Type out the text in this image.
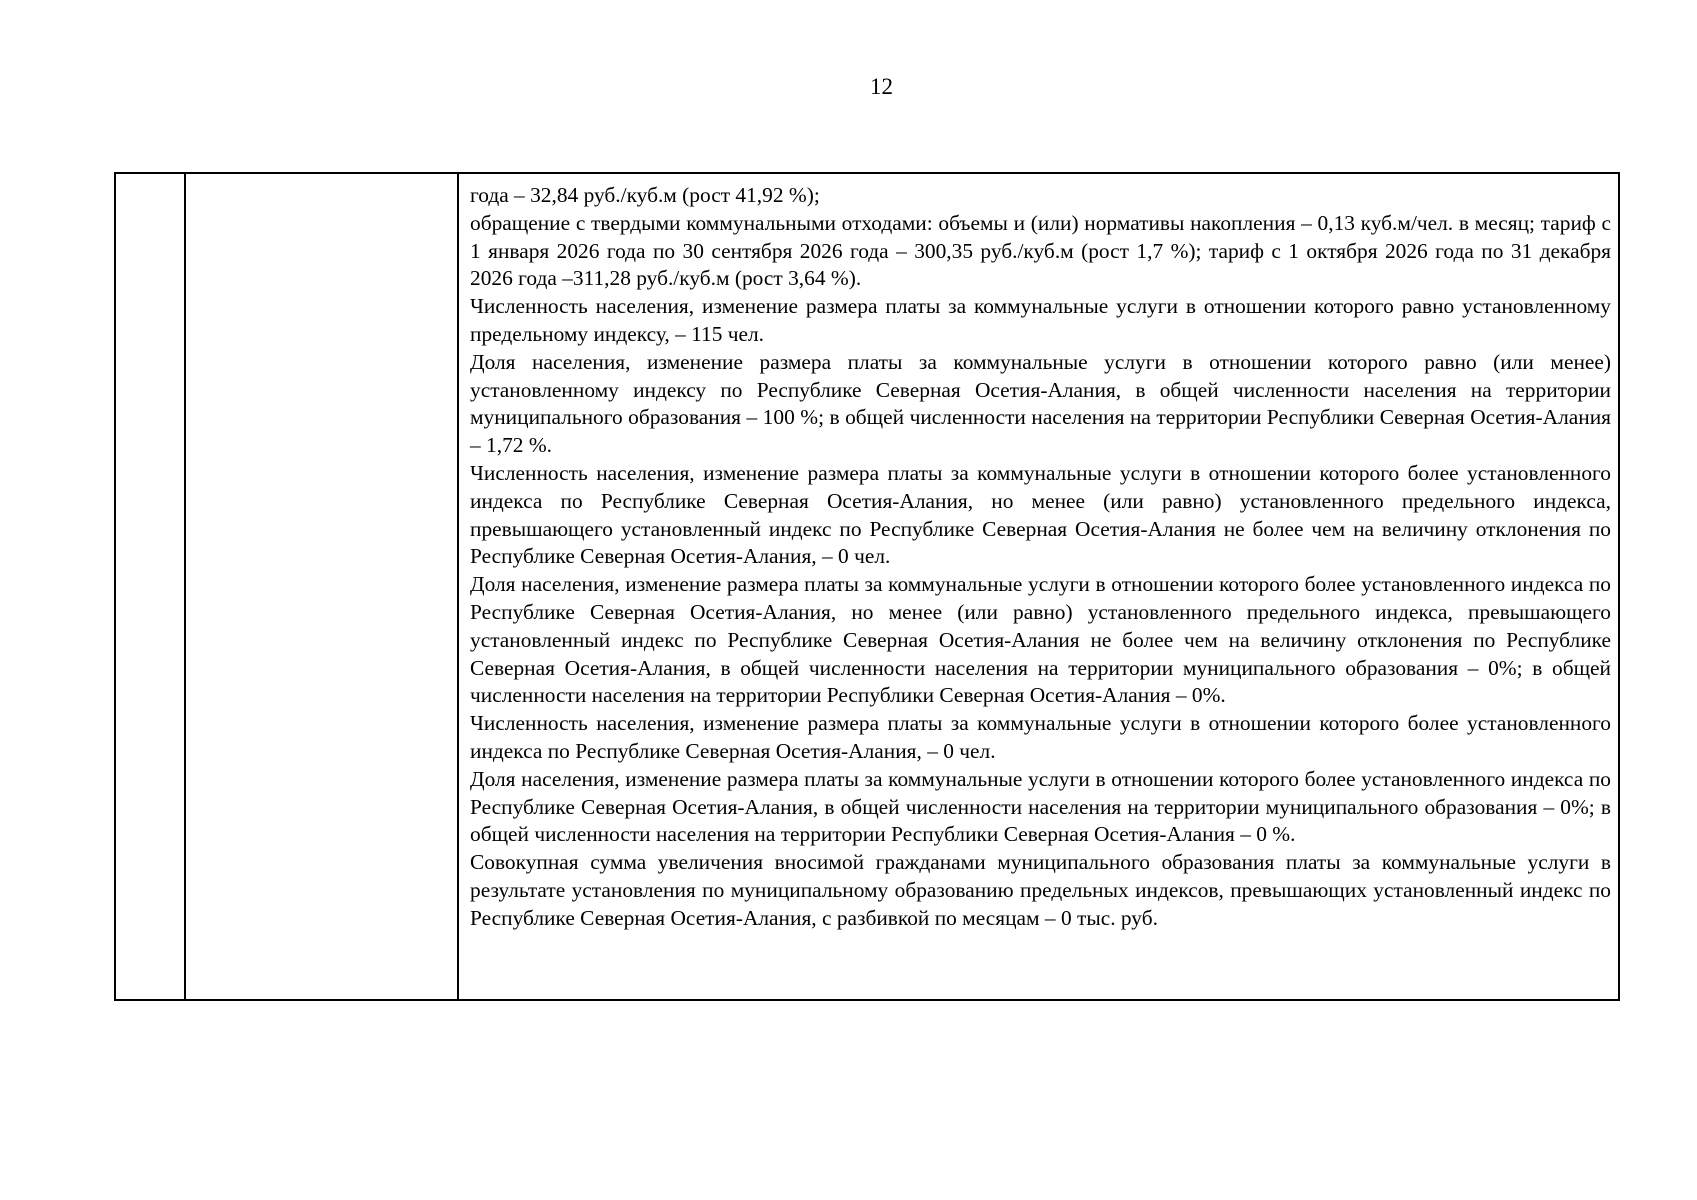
12

года – 32,84 руб./куб.м (рост 41,92 %);

обращение с твердыми коммунальными отходами: объемы и (или) нормативы накопления – 0,13 куб.м/чел. в месяц; тариф с 1 января 2026 года по 30 сентября 2026 года – 300,35 руб./куб.м (рост 1,7 %); тариф с 1 октября 2026 года по 31 декабря 2026 года –311,28 руб./куб.м (рост 3,64 %).

Численность населения, изменение размера платы за коммунальные услуги в отношении которого равно установленному предельному индексу, – 115 чел.

Доля населения, изменение размера платы за коммунальные услуги в отношении которого равно (или менее) установленному индексу по Республике Северная Осетия-Алания, в общей численности населения на территории муниципального образования – 100 %; в общей численности населения на территории Республики Северная Осетия-Алания – 1,72 %.

Численность населения, изменение размера платы за коммунальные услуги в отношении которого более установленного индекса по Республике Северная Осетия-Алания, но менее (или равно) установленного предельного индекса, превышающего установленный индекс по Республике Северная Осетия-Алания не более чем на величину отклонения по Республике Северная Осетия-Алания, – 0 чел.

Доля населения, изменение размера платы за коммунальные услуги в отношении которого более установленного индекса по Республике Северная Осетия-Алания, но менее (или равно) установленного предельного индекса, превышающего установленный индекс по Республике Северная Осетия-Алания не более чем на величину отклонения по Республике Северная Осетия-Алания, в общей численности населения на территории муниципального образования – 0%; в общей численности населения на территории Республики Северная Осетия-Алания – 0%.

Численность населения, изменение размера платы за коммунальные услуги в отношении которого более установленного индекса по Республике Северная Осетия-Алания, – 0 чел.

Доля населения, изменение размера платы за коммунальные услуги в отношении которого более установленного индекса по Республике Северная Осетия-Алания, в общей численности населения на территории муниципального образования – 0%; в общей численности населения на территории Республики Северная Осетия-Алания – 0 %.

Совокупная сумма увеличения вносимой гражданами муниципального образования платы за коммунальные услуги в результате установления по муниципальному образованию предельных индексов, превышающих установленный индекс по Республике Северная Осетия-Алания, с разбивкой по месяцам – 0 тыс. руб.
